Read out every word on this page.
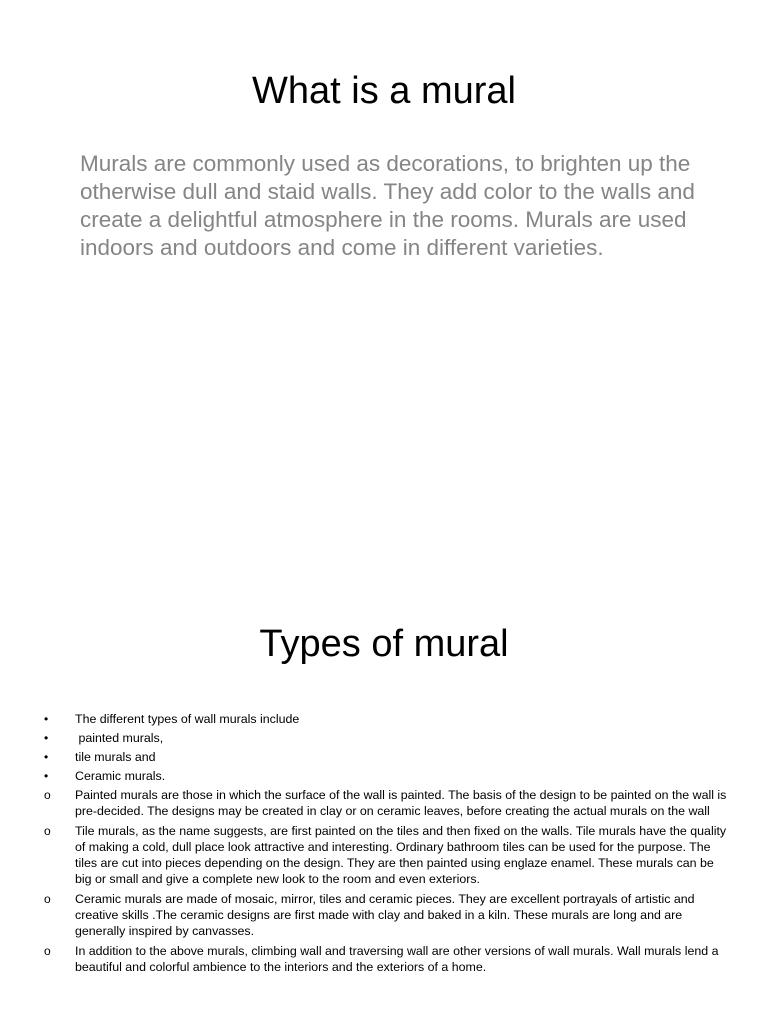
What is a mural

Murals are commonly used as decorations, to brighten up the otherwise dull and staid walls. They add color to the walls and create a delightful atmosphere in the rooms. Murals are used indoors and outdoors and come in different varieties.

Types of mural
•	The different types of wall murals include
•	painted murals,
•	tile murals and
•	Ceramic murals.
o	Painted murals are those in which the surface of the wall is painted. The basis of the design to be painted on the wall is pre-decided. The designs may be created in clay or on ceramic leaves, before creating the actual murals on the wall
o	Tile murals, as the name suggests, are first painted on the tiles and then fixed on the walls. Tile murals have the quality of making a cold, dull place look attractive and interesting. Ordinary bathroom tiles can be used for the purpose. The tiles are cut into pieces depending on the design. They are then painted using englaze enamel. These murals can be big or small and give a complete new look to the room and even exteriors.
o	Ceramic murals are made of mosaic, mirror, tiles and ceramic pieces. They are excellent portrayals of artistic and creative skills .The ceramic designs are first made with clay and baked in a kiln. These murals are long and are generally inspired by canvasses.
o	In addition to the above murals, climbing wall and traversing wall are other versions of wall murals. Wall murals lend a beautiful and colorful ambience to the interiors and the exteriors of a home.
